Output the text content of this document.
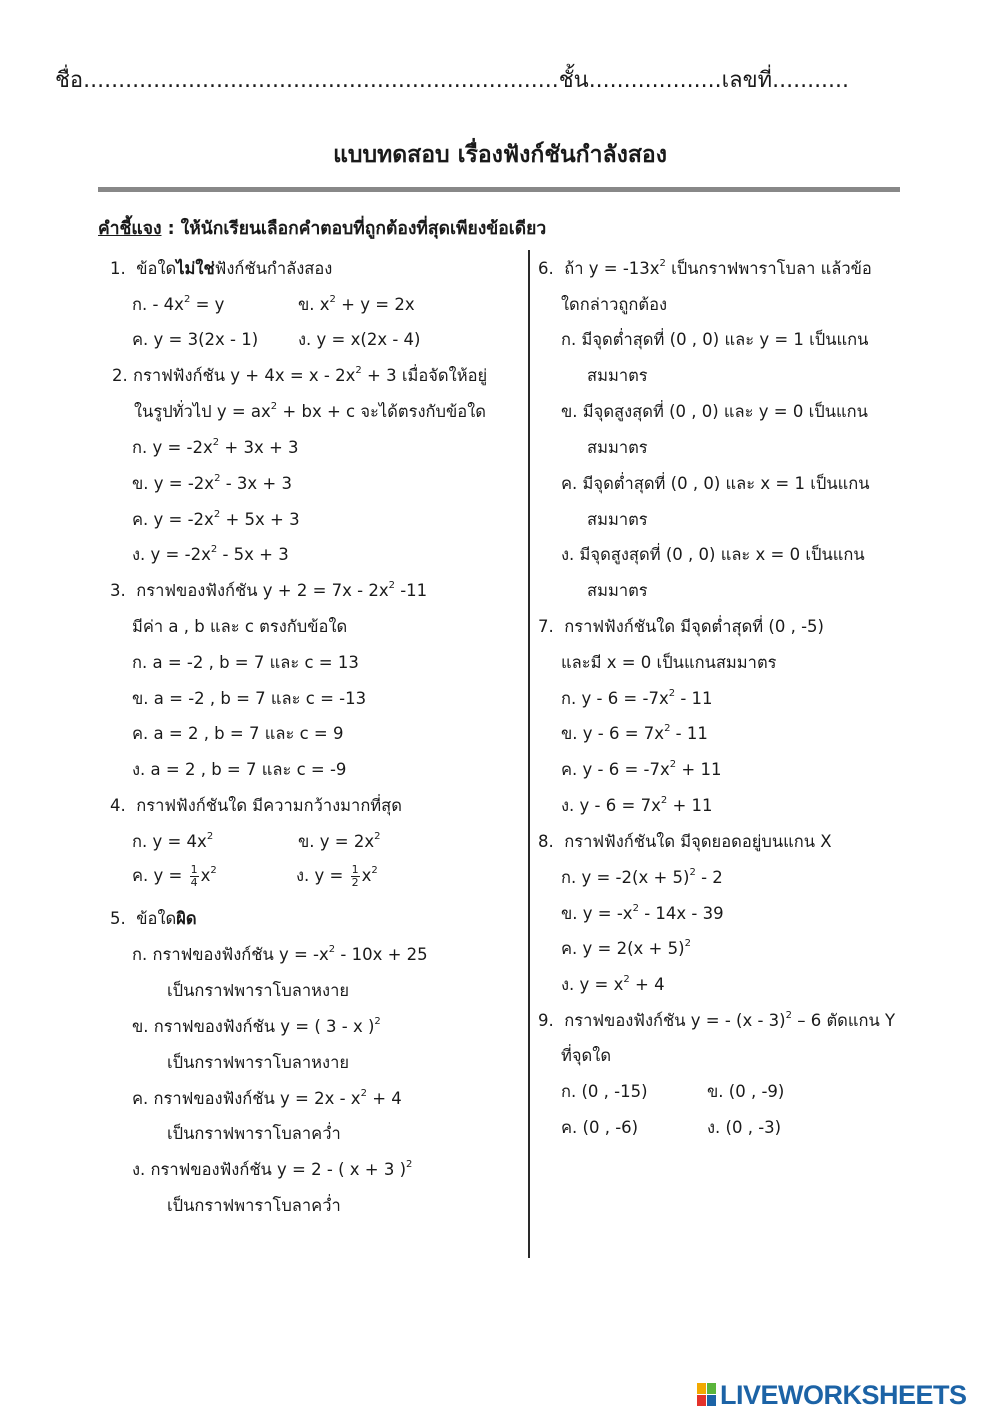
ชื่อ....................................................................ชั้น...................เลขที่...........
แบบทดสอบ เรื่องฟังก์ชันกำลังสอง
คำชี้แจง : ให้นักเรียนเลือกคำตอบที่ถูกต้องที่สุดเพียงข้อเดียว
1. ข้อใดไม่ใช่ฟังก์ชันกำลังสอง
ก. - $4x^2 = y$	ข. $x^2 + y = 2x$
ค. y = 3(2x - 1) ง. y = x(2x - 4)
2. กราฟฟังก์ชัน $y + 4x = x - 2x^2 + 3$ เมื่อจัดให้อยู่
ในรูปทั่วไป $y = ax^2$ + bx + c จะได้ตรงกับข้อใด
ก. $y = -2x^2 + 3x + 3$
ข. $y = -2x^2 - 3x + 3$
ค. $y = -2x^2 + 5x + 3$
ง. $y = -2x^2 - 5x + 3$
3. กราฟของฟังก์ชัน $y + 2 = 7x - 2x^2$ -11
มีค่า a , b และ c ตรงกับข้อใด
ก. a = -2 , b = 7 และ c = 13
ข. a = -2 , b = 7 และ c = -13
ค. a = 2 , b = 7 และ c = 9
ง. a = 2 , b = 7 และ c = -9
4. กราฟฟังก์ชันใด มีความกว้างมากที่สุด
ก. $y = 4x^2$	ข. $y = 2x^2$
ค. $y = \frac{1}{4} x^2$	ง. $y = \frac{1}{2} x^2$
5. ข้อใดผิด
ก. กราฟของฟังก์ชัน $y = -x^2 - 10x + 25$
เป็นกราฟพาราโบลาหงาย
ข. กราฟของฟังก์ชัน y = ( 3 - x )$^2$
เป็นกราฟพาราโบลาหงาย
ค. กราฟของฟังก์ชัน $y = 2x - x^2 + 4$
เป็นกราฟพาราโบลาคว่ำ
ง. กราฟของฟังก์ชัน y = 2 - ( x + 3 )$^2$
เป็นกราฟพาราโบลาคว่ำ
6. ถ้า $y = -13x^2$ เป็นกราฟพาราโบลา แล้วข้อ
ใดกล่าวถูกต้อง
ก. มีจุดต่ำสุดที่ (0 , 0) และ y = 1 เป็นแกน
สมมาตร
ข. มีจุดสูงสุดที่ (0 , 0) และ y = 0 เป็นแกน
สมมาตร
ค. มีจุดต่ำสุดที่ (0 , 0) และ x = 1 เป็นแกน
สมมาตร
ง. มีจุดสูงสุดที่ (0 , 0) และ x = 0 เป็นแกน
สมมาตร
7. กราฟฟังก์ชันใด มีจุดต่ำสุดที่ (0 , -5)
และมี x = 0 เป็นแกนสมมาตร
ก. $y - 6 = -7x^2 - 11$
ข. $y - 6 = 7x^2 - 11$
ค. $y - 6 = -7x^2 + 11$
ง. $y - 6 = 7x^2 + 11$
8. กราฟฟังก์ชันใด มีจุดยอดอยู่บนแกน X
ก. $y = -2(x + 5)^2 - 2$
ข. $y = -x^2 - 14x - 39$
ค. $y = 2(x + 5)^2$
ง. $y = x^2 + 4$
9. กราฟของฟังก์ชัน y = - (x - 3)$^2$ – 6 ตัดแกน Y
ที่จุดใด
ก. (0 , -15)	ข. (0 , -9)
ค. (0 , -6)	ง. (0 , -3)
LIVEWORKSHEETS
